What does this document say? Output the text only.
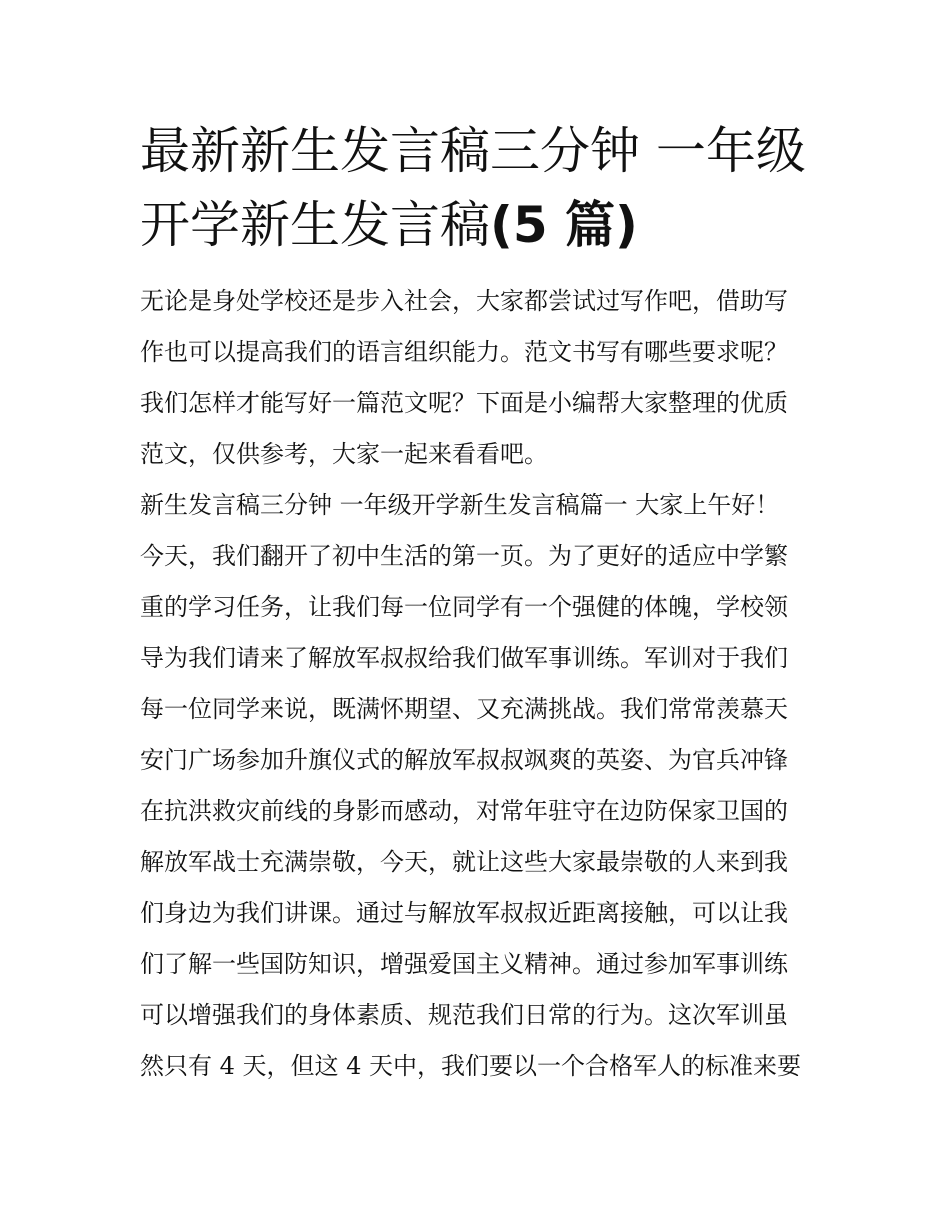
最新新生发言稿三分钟 一年级
开学新生发言稿(5 篇)
无论是身处学校还是步入社会，大家都尝试过写作吧，借助写
作也可以提高我们的语言组织能力。范文书写有哪些要求呢？
我们怎样才能写好一篇范文呢？下面是小编帮大家整理的优质
范文，仅供参考，大家一起来看看吧。
新生发言稿三分钟 一年级开学新生发言稿篇一 大家上午好！
今天，我们翻开了初中生活的第一页。为了更好的适应中学繁
重的学习任务，让我们每一位同学有一个强健的体魄，学校领
导为我们请来了解放军叔叔给我们做军事训练。军训对于我们
每一位同学来说，既满怀期望、又充满挑战。我们常常羡慕天
安门广场参加升旗仪式的解放军叔叔飒爽的英姿、为官兵冲锋
在抗洪救灾前线的身影而感动，对常年驻守在边防保家卫国的
解放军战士充满崇敬，今天，就让这些大家最崇敬的人来到我
们身边为我们讲课。通过与解放军叔叔近距离接触，可以让我
们了解一些国防知识，增强爱国主义精神。通过参加军事训练
可以增强我们的身体素质、规范我们日常的行为。这次军训虽
然只有 4 天，但这 4 天中，我们要以一个合格军人的标准来要
